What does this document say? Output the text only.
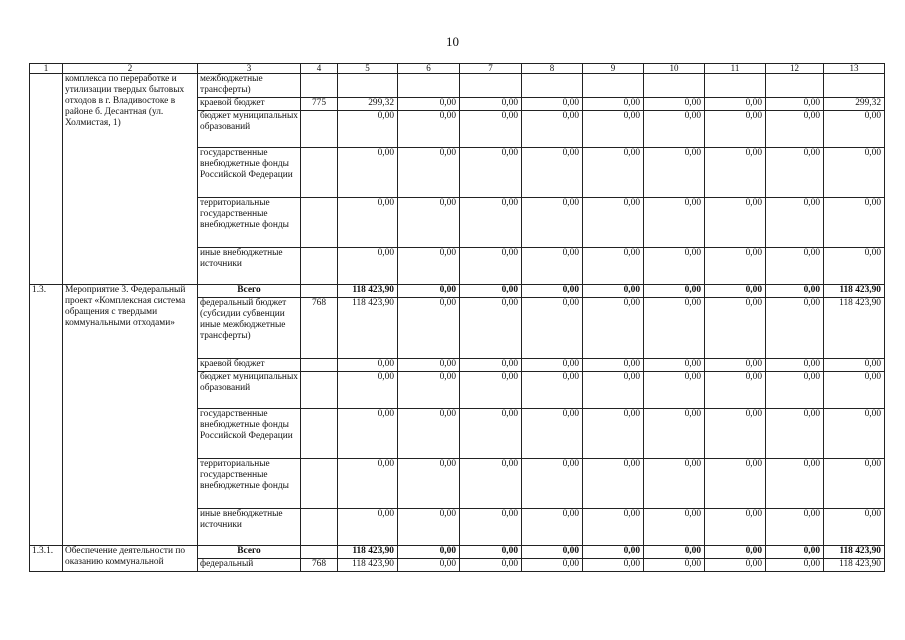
10
1	2	3	4	5	6	7	8	9	10	11	12	13
	комплекса по переработке и утилизации твердых бытовых отходов в г. Владивостоке в районе б. Десантная (ул. Холмистая, 1)	межбюджетные трансферты)										
		краевой бюджет	775	299,32	0,00	0,00	0,00	0,00	0,00	0,00	0,00	299,32
		бюджет муниципальных образований		0,00	0,00	0,00	0,00	0,00	0,00	0,00	0,00	0,00
		государственные внебюджетные фонды Российской Федерации		0,00	0,00	0,00	0,00	0,00	0,00	0,00	0,00	0,00
		территориальные государственные внебюджетные фонды		0,00	0,00	0,00	0,00	0,00	0,00	0,00	0,00	0,00
		иные внебюджетные источники		0,00	0,00	0,00	0,00	0,00	0,00	0,00	0,00	0,00
1.3.	Мероприятие 3. Федеральный проект «Комплексная система обращения с твердыми коммунальными отходами»	Всего		118 423,90	0,00	0,00	0,00	0,00	0,00	0,00	0,00	118 423,90
		федеральный бюджет (субсидии субвенции иные межбюджетные трансферты)	768	118 423,90	0,00	0,00	0,00	0,00	0,00	0,00	0,00	118 423,90
		краевой бюджет		0,00	0,00	0,00	0,00	0,00	0,00	0,00	0,00	0,00
		бюджет муниципальных образований		0,00	0,00	0,00	0,00	0,00	0,00	0,00	0,00	0,00
		государственные внебюджетные фонды Российской Федерации		0,00	0,00	0,00	0,00	0,00	0,00	0,00	0,00	0,00
		территориальные государственные внебюджетные фонды		0,00	0,00	0,00	0,00	0,00	0,00	0,00	0,00	0,00
		иные внебюджетные источники		0,00	0,00	0,00	0,00	0,00	0,00	0,00	0,00	0,00
1.3.1.	Обеспечение деятельности по оказанию коммунальной	Всего		118 423,90	0,00	0,00	0,00	0,00	0,00	0,00	0,00	118 423,90
		федеральный	768	118 423,90	0,00	0,00	0,00	0,00	0,00	0,00	0,00	118 423,90
